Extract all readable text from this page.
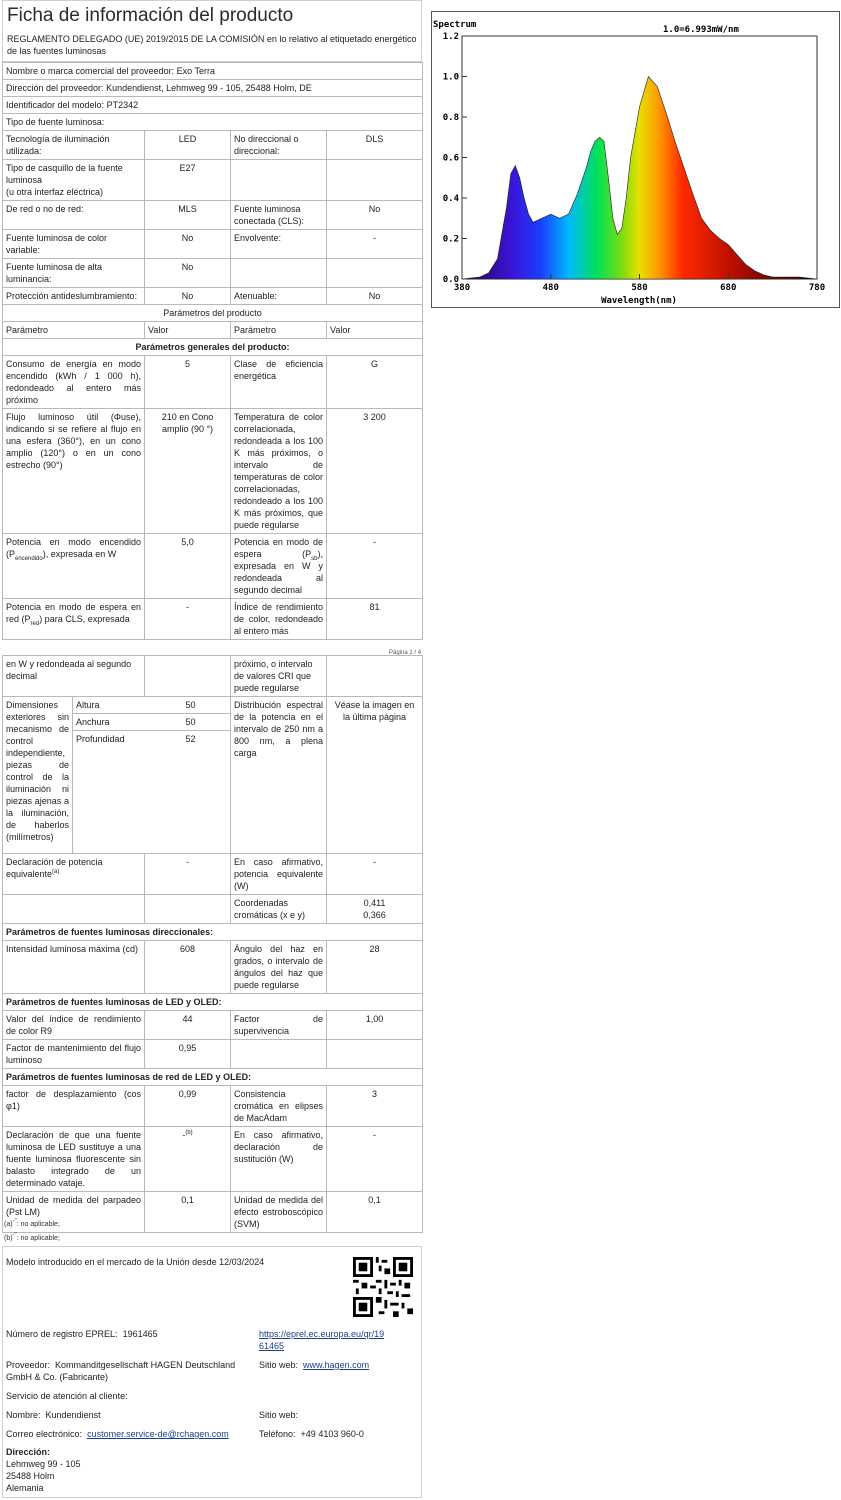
Ficha de información del producto
REGLAMENTO DELEGADO (UE) 2019/2015 DE LA COMISIÓN en lo relativo al etiquetado energético de las fuentes luminosas
Nombre o marca comercial del proveedor: Exo Terra			
Dirección del proveedor: Kundendienst, Lehmweg 99 - 105, 25488 Holm, DE			
Identificador del modelo: PT2342			
Tipo de fuente luminosa:			
Tecnología de iluminación utilizada:	LED	No direccional o direccional:	DLS
Tipo de casquillo de la fuente luminosa
(u otra interfaz eléctrica)	E27		
De red o no de red:	MLS	Fuente luminosa conectada (CLS):	No
Fuente luminosa de color variable:	No	Envolvente:	-
Fuente luminosa de alta luminancia:	No		
Protección antideslumbramiento:	No	Atenuable:	No
Parámetros del producto			
Parámetro	Valor	Parámetro	Valor
Parámetros generales del producto:			
Consumo de energía en modo encendido (kWh / 1 000 h), redondeado al entero más próximo	5	Clase de eficiencia energética	G
Flujo luminoso útil (Φuse), indicando si se refiere al flujo en una esfera (360°), en un cono amplio (120°) o en un cono estrecho (90°)	210 en Cono amplio (90 °)	Temperatura de color correlacionada, redondeada a los 100 K más próximos, o intervalo de temperaturas de color correlacionadas, redondeado a los 100 K más próximos, que puede regularse	3 200
Potencia en modo encendido $(P_{encendido})$, expresada en W	5,0	Potencia en modo de espera $(P_{sb})$, expresada en W y redondeada al segundo decimal	-
Potencia en modo de espera en red $(P_{red})$ para CLS, expresada	-	Índice de rendimiento de color, redondeado al entero más	81
Página 1 / 4
en W y redondeada al segundo decimal		próximo, o intervalo de valores CRI que puede regularse	
Dimensiones exteriores sin mecanismo de control independiente, piezas de control de la iluminación ni piezas ajenas a la iluminación, de haberlos (milímetros)	
Altura	50
Anchura	50
Profundidad	52
	Distribución espectral de la potencia en el intervalo de 250 nm a 800 nm, a plena carga	Véase la imagen en la última página
Declaración de potencia equivalente$^{(a)}$	-	En caso afirmativo, potencia equivalente (W)	-
		Coordenadas cromáticas (x e y)	0,411
0,366
Parámetros de fuentes luminosas direccionales:
Intensidad luminosa máxima (cd)	608	Ángulo del haz en grados, o intervalo de ángulos del haz que puede regularse	28
Parámetros de fuentes luminosas de LED y OLED:
Valor del índice de rendimiento de color R9	44	Factor de supervivencia	1,00
Factor de mantenimiento del flujo luminoso	0,95		
Parámetros de fuentes luminosas de red de LED y OLED:
factor de desplazamiento (cos φ1)	0,99	Consistencia cromática en elipses de MacAdam	3
Declaración de que una fuente luminosa de LED sustituye a una fuente luminosa fluorescente sin balasto integrado de un determinado vataje.	-$^{(b)}$	En caso afirmativo, declaración de sustitución (W)	-
Unidad de medida del parpadeo (Pst LM)	0,1	Unidad de medida del efecto estroboscópico (SVM)	0,1
(a)-": no aplicable;
(b)-": no aplicable;
Modelo introducido en el mercado de la Unión desde 12/03/2024
Número de registro EPREL: 1961465	https://eprel.ec.europa.eu/qr/19
61465
Proveedor: Kommanditgesellschaft HAGEN Deutschland
GmbH & Co. (Fabricante)
Sitio web: www.hagen.com
Servicio de atención al cliente:
Nombre: Kundendienst	Sitio web:
Correo electrónico: customer.service-de@rchagen.com	Teléfono: +49 4103 960-0
Dirección:
Lehmweg 99 - 105
25488 Holm
Alemania
0.0
0.2
0.4
0.6
0.8
1.0
1.2
380	480	580	680	780
Spectrum	1.0=6.993mW/nm
Wavelength(nm)
